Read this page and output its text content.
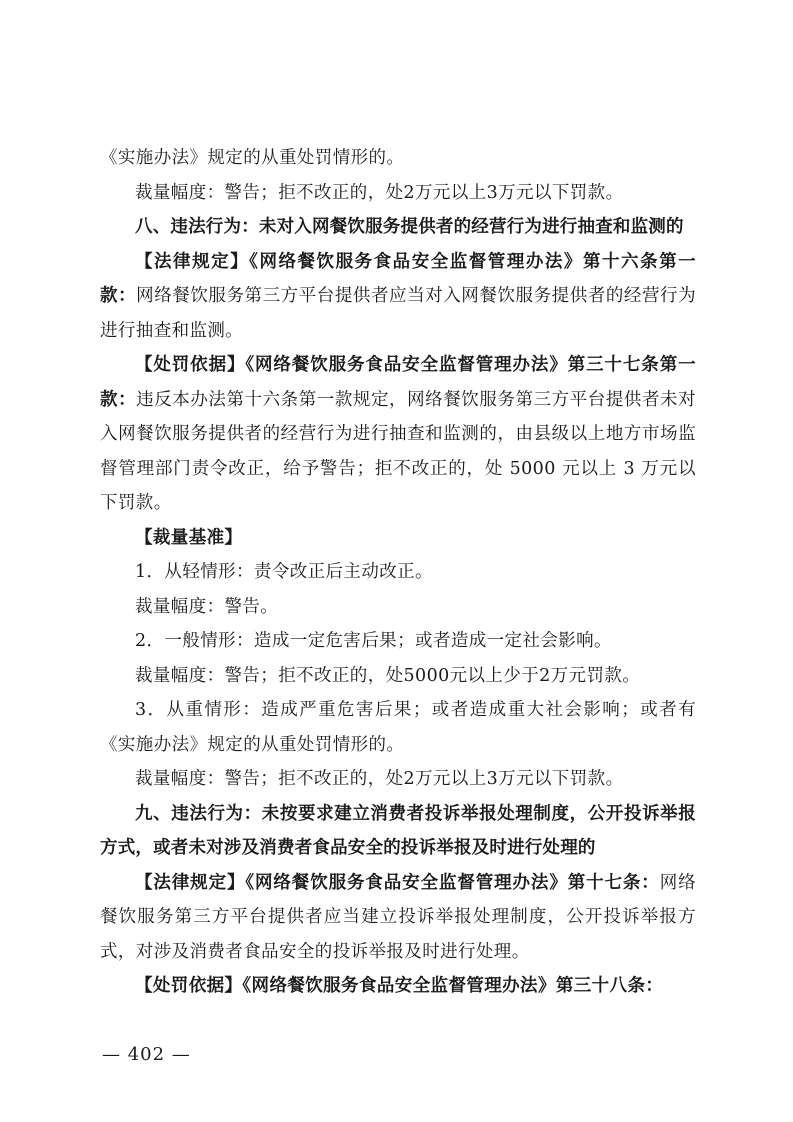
《实施办法》规定的从重处罚情形的。

裁量幅度：警告；拒不改正的，处2万元以上3万元以下罚款。

八、违法行为：未对入网餐饮服务提供者的经营行为进行抽查和监测的

【法律规定】《网络餐饮服务食品安全监督管理办法》第十六条第一款：网络餐饮服务第三方平台提供者应当对入网餐饮服务提供者的经营行为进行抽查和监测。

【处罚依据】《网络餐饮服务食品安全监督管理办法》第三十七条第一款：违反本办法第十六条第一款规定，网络餐饮服务第三方平台提供者未对入网餐饮服务提供者的经营行为进行抽查和监测的，由县级以上地方市场监督管理部门责令改正，给予警告；拒不改正的，处 5000 元以上 3 万元以下罚款。

【裁量基准】

1．从轻情形：责令改正后主动改正。

裁量幅度：警告。

2．一般情形：造成一定危害后果；或者造成一定社会影响。

裁量幅度：警告；拒不改正的，处5000元以上少于2万元罚款。

3．从重情形：造成严重危害后果；或者造成重大社会影响；或者有《实施办法》规定的从重处罚情形的。

裁量幅度：警告；拒不改正的，处2万元以上3万元以下罚款。

九、违法行为：未按要求建立消费者投诉举报处理制度，公开投诉举报方式，或者未对涉及消费者食品安全的投诉举报及时进行处理的

【法律规定】《网络餐饮服务食品安全监督管理办法》第十七条：网络餐饮服务第三方平台提供者应当建立投诉举报处理制度，公开投诉举报方式，对涉及消费者食品安全的投诉举报及时进行处理。

【处罚依据】《网络餐饮服务食品安全监督管理办法》第三十八条：

— 402 —
